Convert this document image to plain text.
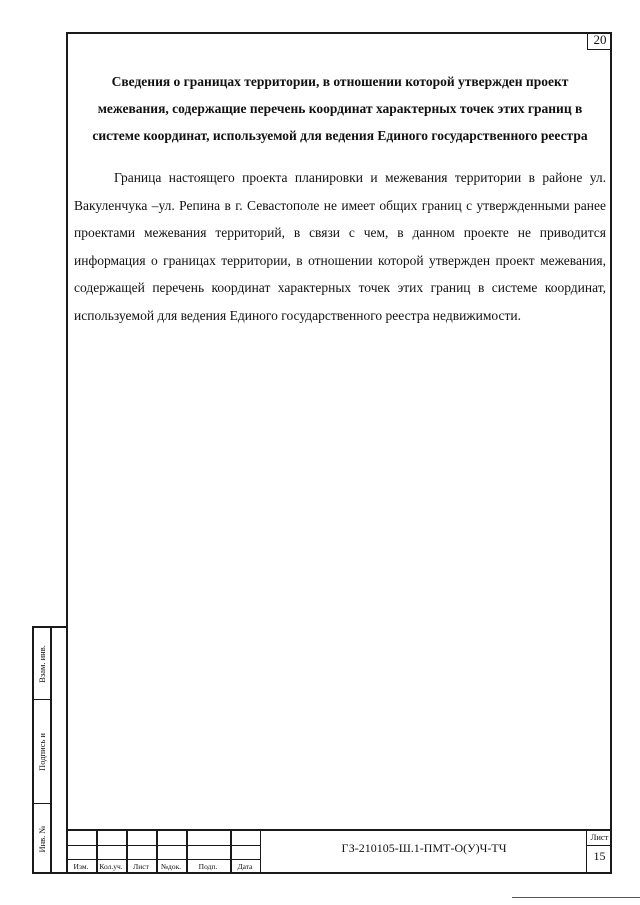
20

Сведения о границах территории, в отношении которой утвержден проект межевания, содержащие перечень координат характерных точек этих границ в системе координат, используемой для ведения Единого государственного реестра

Граница настоящего проекта планировки и межевания территории в районе ул. Вакуленчука –ул. Репина в г. Севастополе не имеет общих границ с утвержденными ранее проектами межевания территорий, в связи с чем, в данном проекте не приводится информация о границах территории, в отношении которой утвержден проект межевания, содержащей перечень координат характерных точек этих границ в системе координат, используемой для ведения Единого государственного реестра недвижимости.

Взам. инв.
Подпись и
Инв. №
Изм.	Кол.уч.	Лист	№док.	Подп.	Дата
ГЗ-210105-Ш.1-ПМТ-О(У)Ч-ТЧ
Лист
15
